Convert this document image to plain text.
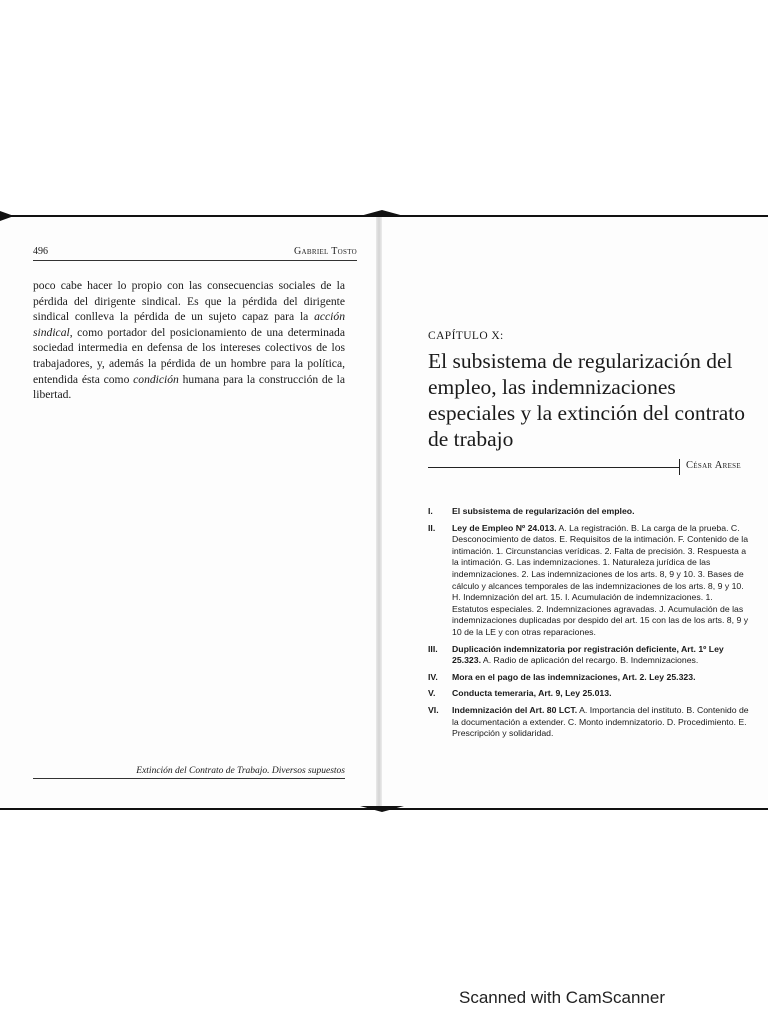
496	Gabriel Tosto

poco cabe hacer lo propio con las consecuencias sociales de la pérdida del dirigente sindical. Es que la pérdida del dirigente sindical conlleva la pérdida de un sujeto capaz para la acción sindical, como portador del posicionamiento de una determinada sociedad intermedia en defensa de los intereses colectivos de los trabajadores, y, además la pérdida de un hombre para la política, entendida ésta como condición humana para la construcción de la libertad.

Extinción del Contrato de Trabajo. Diversos supuestos
CAPÍTULO X:
El subsistema de regularización del empleo, las indemnizaciones especiales y la extinción del contrato de trabajo
César Arese
I. El subsistema de regularización del empleo.
II. Ley de Empleo Nº 24.013. A. La registración. B. La carga de la prueba. C. Desconocimiento de datos. E. Requisitos de la intimación. F. Contenido de la intimación. 1. Circunstancias verídicas. 2. Falta de precisión. 3. Respuesta a la intimación. G. Las indemnizaciones. 1. Naturaleza jurídica de las indemnizaciones. 2. Las indemnizaciones de los arts. 8, 9 y 10. 3. Bases de cálculo y alcances temporales de las indemnizaciones de los arts. 8, 9 y 10. H. Indemnización del art. 15. I. Acumulación de indemnizaciones. 1. Estatutos especiales. 2. Indemnizaciones agravadas. J. Acumulación de las indemnizaciones duplicadas por despido del art. 15 con las de los arts. 8, 9 y 10 de la LE y con otras reparaciones.
III. Duplicación indemnizatoria por registración deficiente, Art. 1º Ley 25.323. A. Radio de aplicación del recargo. B. Indemnizaciones.
IV. Mora en el pago de las indemnizaciones, Art. 2. Ley 25.323.
V. Conducta temeraria, Art. 9, Ley 25.013.
VI. Indemnización del Art. 80 LCT. A. Importancia del instituto. B. Contenido de la documentación a extender. C. Monto indemnizatorio. D. Procedimiento. E. Prescripción y solidaridad.
Scanned with CamScanner
